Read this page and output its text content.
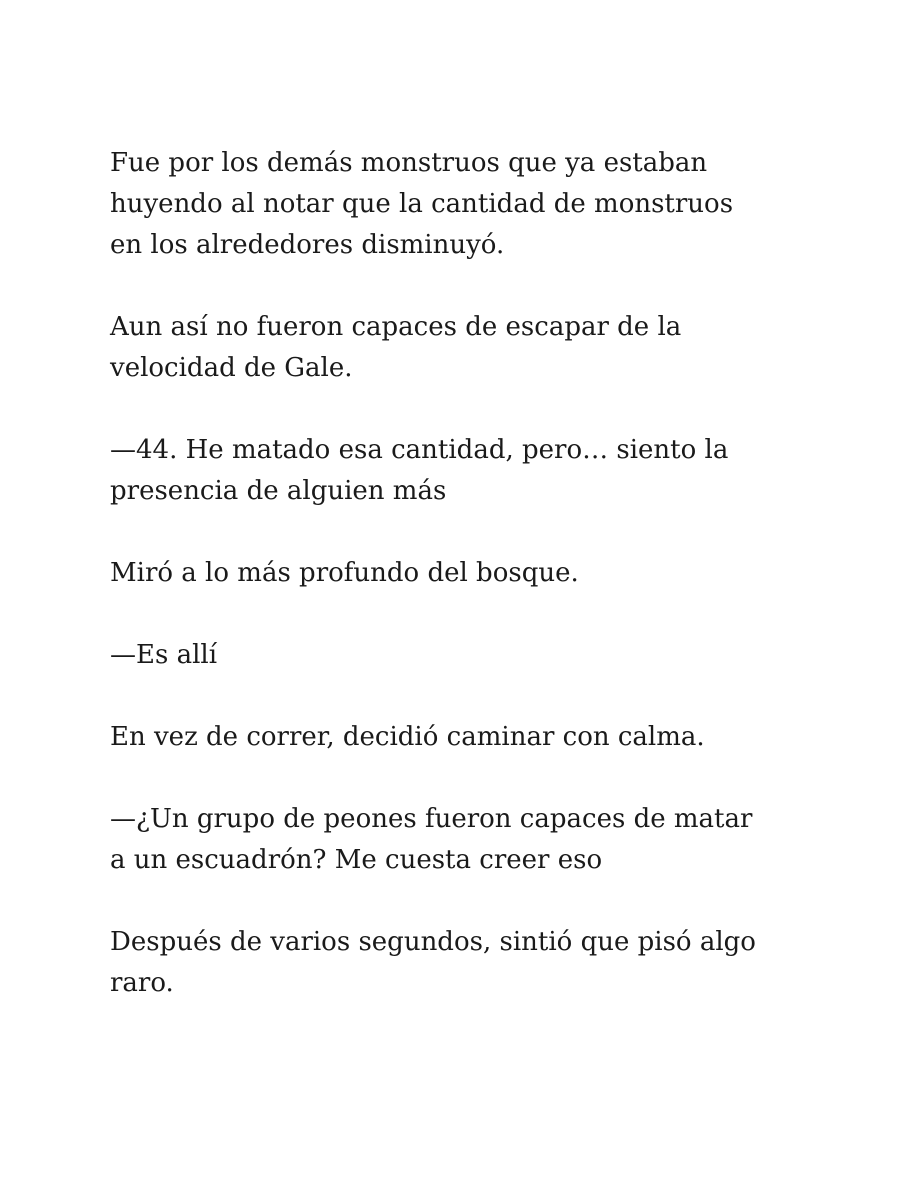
Fue por los demás monstruos que ya estaban
huyendo al notar que la cantidad de monstruos
en los alrededores disminuyó.

Aun así no fueron capaces de escapar de la
velocidad de Gale.

—44. He matado esa cantidad, pero… siento la
presencia de alguien más

Miró a lo más profundo del bosque.

—Es allí

En vez de correr, decidió caminar con calma.

—¿Un grupo de peones fueron capaces de matar
a un escuadrón? Me cuesta creer eso

Después de varios segundos, sintió que pisó algo
raro.
